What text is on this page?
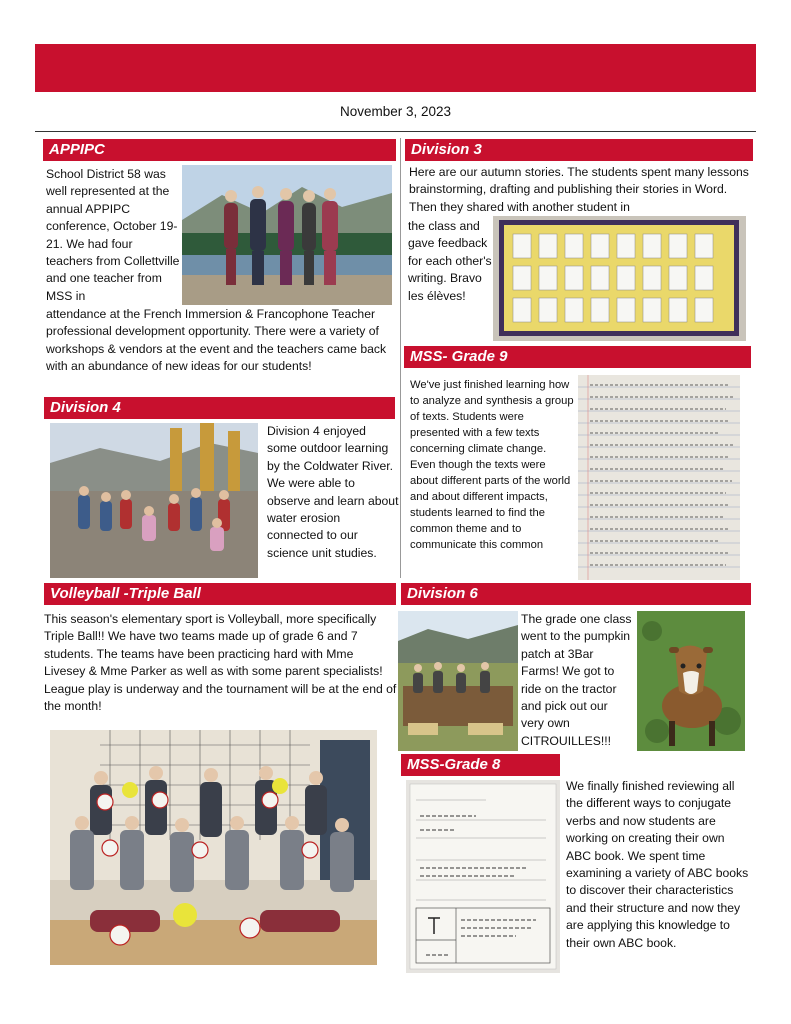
November 3, 2023
APPIPC
School District 58 was well represented at the annual APPIPC conference, October 19-21. We had four teachers from Collettville and one teacher from MSS in
attendance at the French Immersion & Francophone Teacher professional development opportunity. There were a variety of workshops & vendors at the event and the teachers came back with an abundance of new ideas for our students!
Division 3
Here are our autumn stories. The students spent many lessons brainstorming, drafting and publishing their stories in Word. Then they shared with another student in
the class and gave feedback for each other's writing. Bravo les élèves!
Division 4
Division 4 enjoyed some outdoor learning by the Coldwater River. We were able to observe and learn about water erosion connected to our science unit studies.
MSS- Grade 9
We've just finished learning how to analyze and synthesis a group of texts. Students were presented with a few texts concerning climate change. Even though the texts were about different parts of the world and about different impacts, students learned to find the common theme and to communicate this common
Volleyball -Triple Ball
This season's elementary sport is Volleyball, more specifically Triple Ball!! We have two teams made up of grade 6 and 7 students. The teams have been practicing hard with Mme Livesey & Mme Parker as well as with some parent specialists! League play is underway and the tournament will be at the end of the month!
Division 6
The grade one class went to the pumpkin patch at 3Bar Farms! We got to ride on the tractor and pick out our very own CITROUILLES!!!
MSS-Grade 8
We finally finished reviewing all the different ways to conjugate verbs and now students are working on creating their own ABC book. We spent time examining a variety of ABC books to discover their characteristics and their structure and now they are applying this knowledge to their own ABC book.
